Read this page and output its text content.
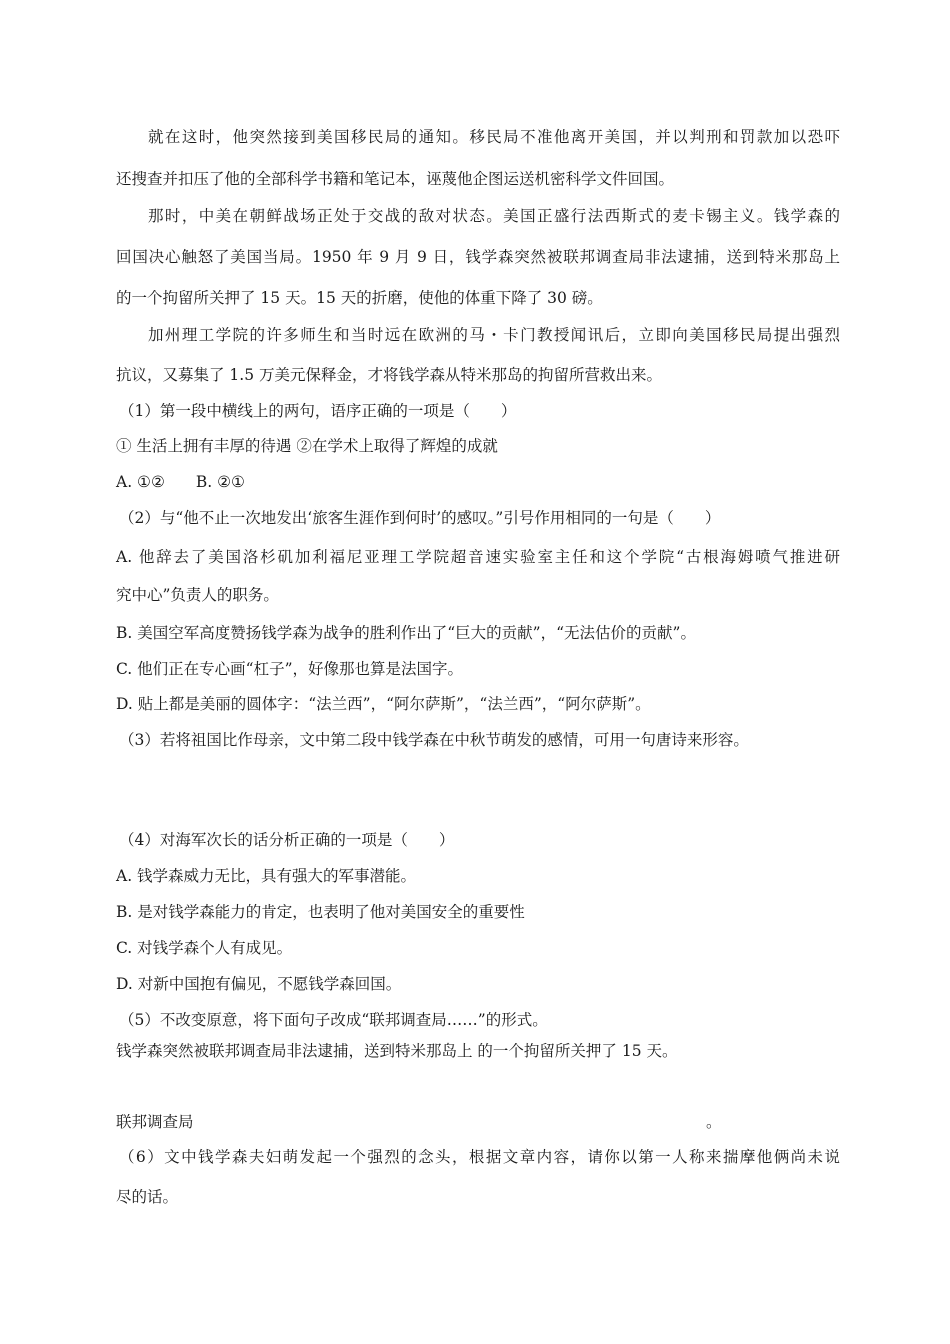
就在这时，他突然接到美国移民局的通知。移民局不准他离开美国，并以判刑和罚款加以恐吓
还搜查并扣压了他的全部科学书籍和笔记本，诬蔑他企图运送机密科学文件回国。
那时，中美在朝鲜战场正处于交战的敌对状态。美国正盛行法西斯式的麦卡锡主义。钱学森的
回国决心触怒了美国当局。1950 年 9 月 9 日，钱学森突然被联邦调查局非法逮捕，送到特米那岛上
的一个拘留所关押了 15 天。15 天的折磨，使他的体重下降了 30 磅。
加州理工学院的许多师生和当时远在欧洲的马・卡门教授闻讯后，立即向美国移民局提出强烈
抗议，又募集了 1.5 万美元保释金，才将钱学森从特米那岛的拘留所营救出来。
（1）第一段中横线上的两句，语序正确的一项是（　　）
① 生活上拥有丰厚的待遇 ②在学术上取得了辉煌的成就
A. ①②　　B. ②①
（2）与“他不止一次地发出‘旅客生涯作到何时’的感叹。”引号作用相同的一句是（　　）
A. 他辞去了美国洛杉矶加利福尼亚理工学院超音速实验室主任和这个学院“古根海姆喷气推进研
究中心”负责人的职务。
B. 美国空军高度赞扬钱学森为战争的胜利作出了“巨大的贡献”，“无法估价的贡献”。
C. 他们正在专心画“杠子”，好像那也算是法国字。
D. 贴上都是美丽的圆体字：“法兰西”，“阿尔萨斯”，“法兰西”，“阿尔萨斯”。
（3）若将祖国比作母亲，文中第二段中钱学森在中秋节萌发的感情，可用一句唐诗来形容。
（4）对海军次长的话分析正确的一项是（　　）
A. 钱学森威力无比，具有强大的军事潜能。
B. 是对钱学森能力的肯定，也表明了他对美国安全的重要性
C. 对钱学森个人有成见。
D. 对新中国抱有偏见，不愿钱学森回国。
（5）不改变原意，将下面句子改成“联邦调查局……”的形式。
钱学森突然被联邦调查局非法逮捕，送到特米那岛上 的一个拘留所关押了 15 天。
联邦调查局	。
（6）文中钱学森夫妇萌发起一个强烈的念头，根据文章内容，请你以第一人称来揣摩他俩尚未说
尽的话。
